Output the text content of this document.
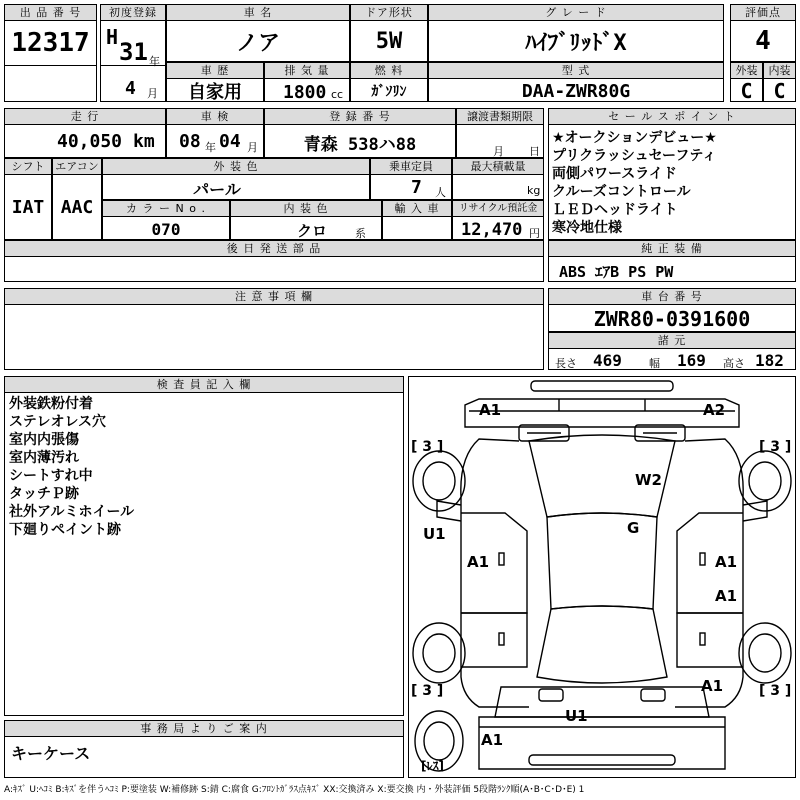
出 品 番 号
12317
初度登録
H
31 年
4 月
車 名
ノア
ドア形状
5W
グ レ ー ド
ﾊｲﾌﾞﾘｯﾄﾞX
評価点
4
車 歴
自家用
排 気 量
1800 cc
燃 料
ｶﾞｿﾘﾝ
型 式
DAA-ZWR80G
外装
C
内装
C
走 行
40,050 km
車 検
08 年 04 月
登 録 番 号
青森 538ハ88
譲渡書類期限
月 日
シフト
IAT
エアコン
AAC
外 装 色
パール
乗車定員
7 人
最大積載量
kg
カ ラ ー N o .
070
内 装 色
クロ	系
輸 入 車	リサイクル預託金
12,470 円
後 日 発 送 部 品
セ ー ル ス ポ イ ン ト
★オークションデビュー★
プリクラッシュセーフティ
両側パワースライド
クルーズコントロール
ＬＥＤヘッドライト
寒冷地仕様
純 正 装 備
ABS ｴｱB PS PW
注 意 事 項 欄	車 台 番 号
ZWR80-0391600
諸 元
長さ 469 幅 169 高さ 182
検 査 員 記 入 欄
外装鉄粉付着
ステレオレス穴
室内内張傷
室内薄汚れ
シートすれ中
タッチＰ跡
社外アルミホイール
下廻りペイント跡
事 務 局 よ り ご 案 内
キーケース
A1	A2
W2
G
U1
A1	A1
A1
A1
U1
A1
[ 3 ]	[ 3 ]
[ 3 ]	[ 3 ]
[ﾚｽ]
A:ｷｽﾞ U:ﾍｺﾐ B:ｷｽﾞを伴うﾍｺﾐ P:要塗装 W:補修跡 S:錆 C:腐食 G:ﾌﾛﾝﾄｶﾞﾗｽ点ｷｽﾞ XX:交換済み X:要交換 内・外装評価 5段階ﾗﾝｸ順(A･B･C･D･E) 1
